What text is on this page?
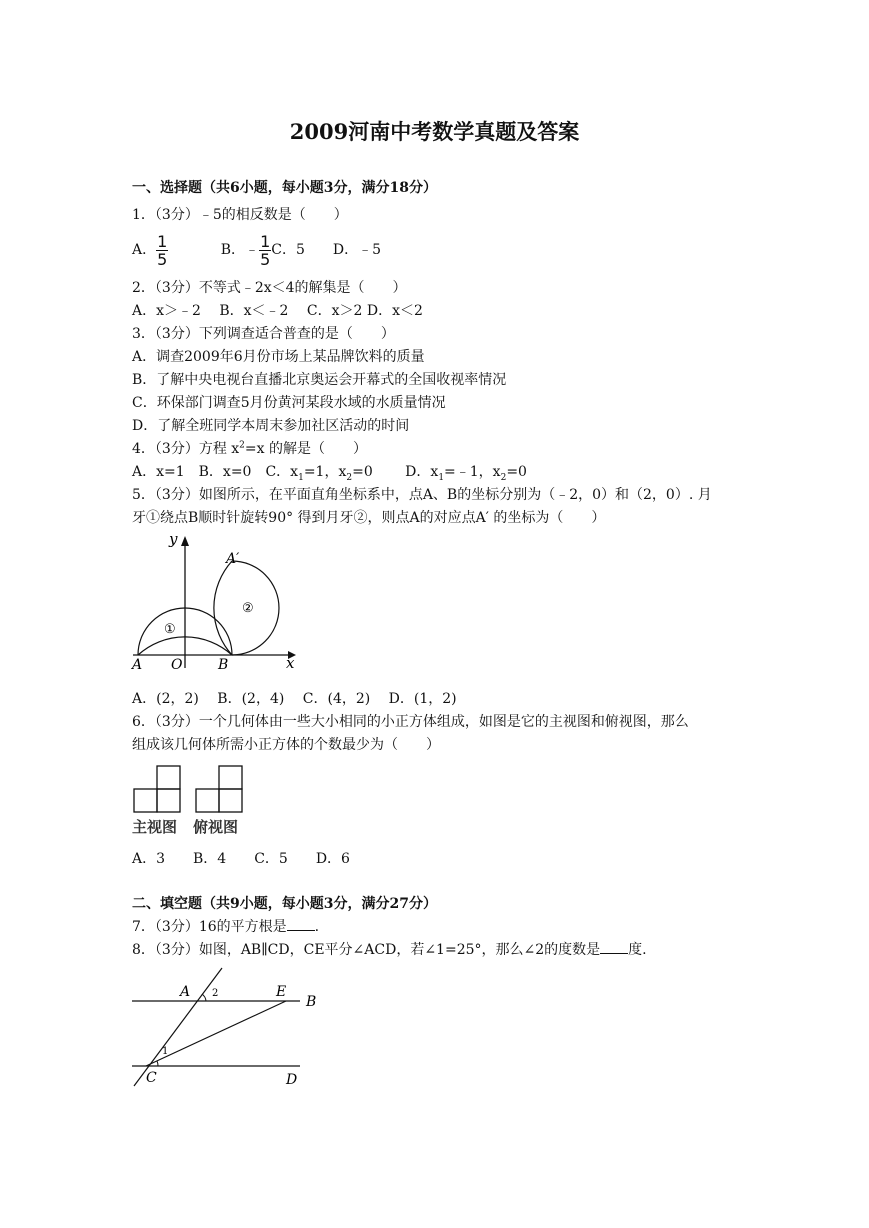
2009河南中考数学真题及答案
一、选择题（共6小题，每小题3分，满分18分）
1．（3分）﹣5的相反数是（　　）
A． $\frac{1}{5}$	B．﹣ $\frac{1}{5}$ C．5　　D．﹣5
2．（3分）不等式﹣2x＜4的解集是（　　）
A．x＞﹣2　 B．x＜﹣2　 C．x＞2 D．x＜2
3．（3分）下列调查适合普查的是（　　）
A．调查2009年6月份市场上某品牌饮料的质量
B．了解中央电视台直播北京奥运会开幕式的全国收视率情况
C．环保部门调查5月份黄河某段水域的水质量情况
D．了解全班同学本周末参加社区活动的时间
4．（3分）方程 $x^2=x$ 的解是（　　）
A．x=1　B．x=0　C．$x_1=1$，$x_2=0$　　 D．$x_1=﹣1$，$x_2=0$
5．（3分）如图所示，在平面直角坐标系中，点A、B的坐标分别为（﹣2，0）和（2，0）. 月
牙①绕点B顺时针旋转90° 得到月牙②，则点A的对应点A′ 的坐标为（　　）
①
②
y
x
A O	B
A′
A．(2，2)　 B．(2，4)　 C．(4，2)　 D．(1，2)
6．（3分）一个几何体由一些大小相同的小正方体组成，如图是它的主视图和俯视图，那么
组成该几何体所需小正方体的个数最少为（　　）
主视图 俯视图
A．3　　B．4　　C．5　　D．6
二、填空题（共9小题，每小题3分，满分27分）
7．（3分）16的平方根是 .
8．（3分）如图，AB∥CD，CE平分∠ACD，若∠1=25°，那么∠2的度数是 度.
A 2	E
B
1
C	D
